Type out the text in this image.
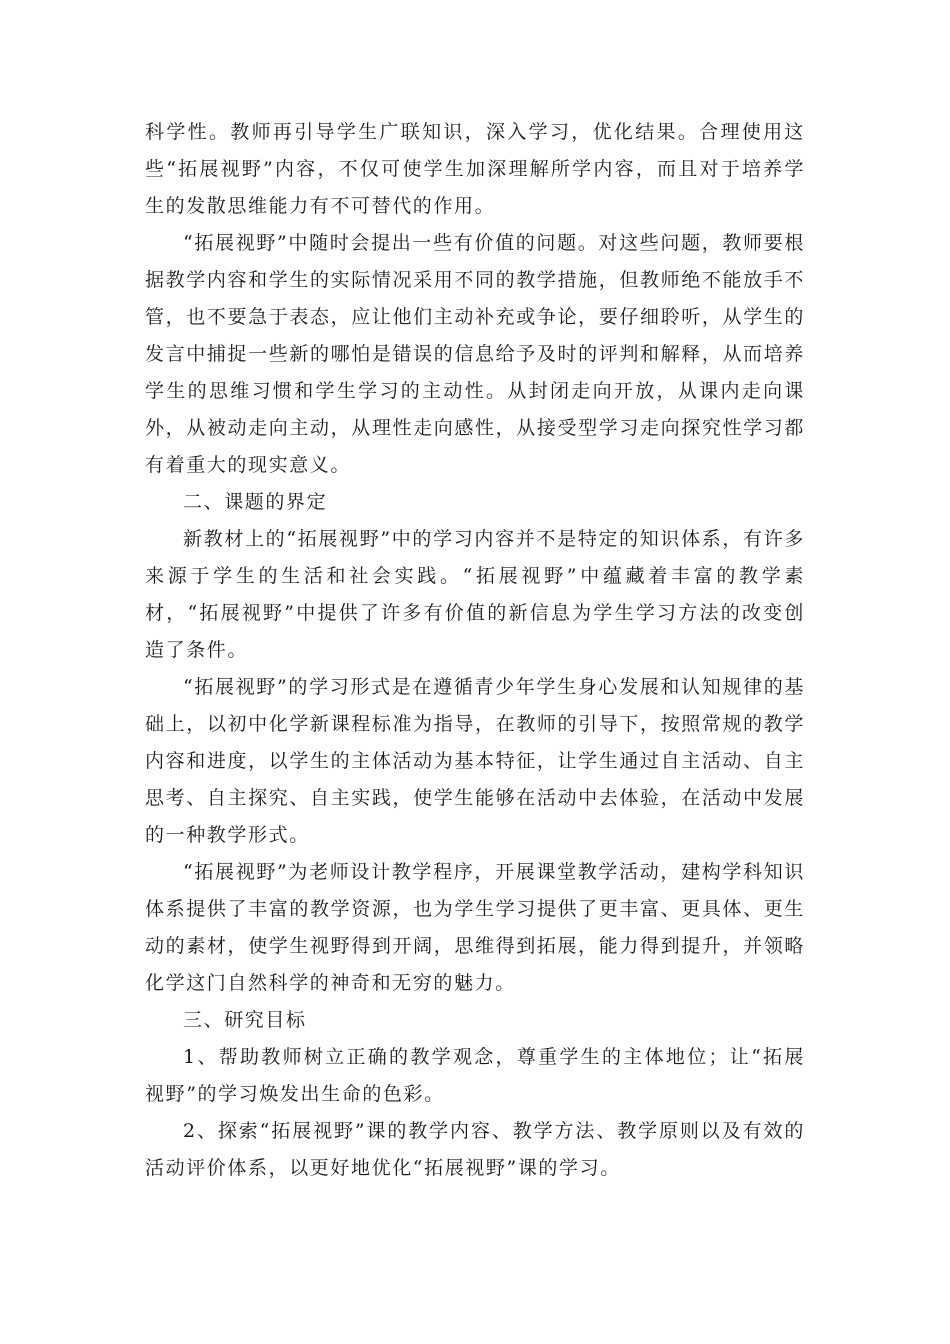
科学性。教师再引导学生广联知识，深入学习，优化结果。合理使用这些“拓展视野”内容，不仅可使学生加深理解所学内容，而且对于培养学生的发散思维能力有不可替代的作用。

“拓展视野”中随时会提出一些有价值的问题。对这些问题，教师要根据教学内容和学生的实际情况采用不同的教学措施，但教师绝不能放手不管，也不要急于表态，应让他们主动补充或争论，要仔细聆听，从学生的发言中捕捉一些新的哪怕是错误的信息给予及时的评判和解释，从而培养学生的思维习惯和学生学习的主动性。从封闭走向开放，从课内走向课外，从被动走向主动，从理性走向感性，从接受型学习走向探究性学习都有着重大的现实意义。

二、课题的界定

新教材上的“拓展视野”中的学习内容并不是特定的知识体系，有许多来源于学生的生活和社会实践。“拓展视野”中蕴藏着丰富的教学素材，“拓展视野”中提供了许多有价值的新信息为学生学习方法的改变创造了条件。

“拓展视野”的学习形式是在遵循青少年学生身心发展和认知规律的基础上，以初中化学新课程标准为指导，在教师的引导下，按照常规的教学内容和进度，以学生的主体活动为基本特征，让学生通过自主活动、自主思考、自主探究、自主实践，使学生能够在活动中去体验，在活动中发展的一种教学形式。

“拓展视野”为老师设计教学程序，开展课堂教学活动，建构学科知识体系提供了丰富的教学资源，也为学生学习提供了更丰富、更具体、更生动的素材，使学生视野得到开阔，思维得到拓展，能力得到提升，并领略化学这门自然科学的神奇和无穷的魅力。

三、研究目标

1、帮助教师树立正确的教学观念，尊重学生的主体地位；让“拓展视野”的学习焕发出生命的色彩。

2、探索“拓展视野”课的教学内容、教学方法、教学原则以及有效的活动评价体系，以更好地优化“拓展视野”课的学习。
